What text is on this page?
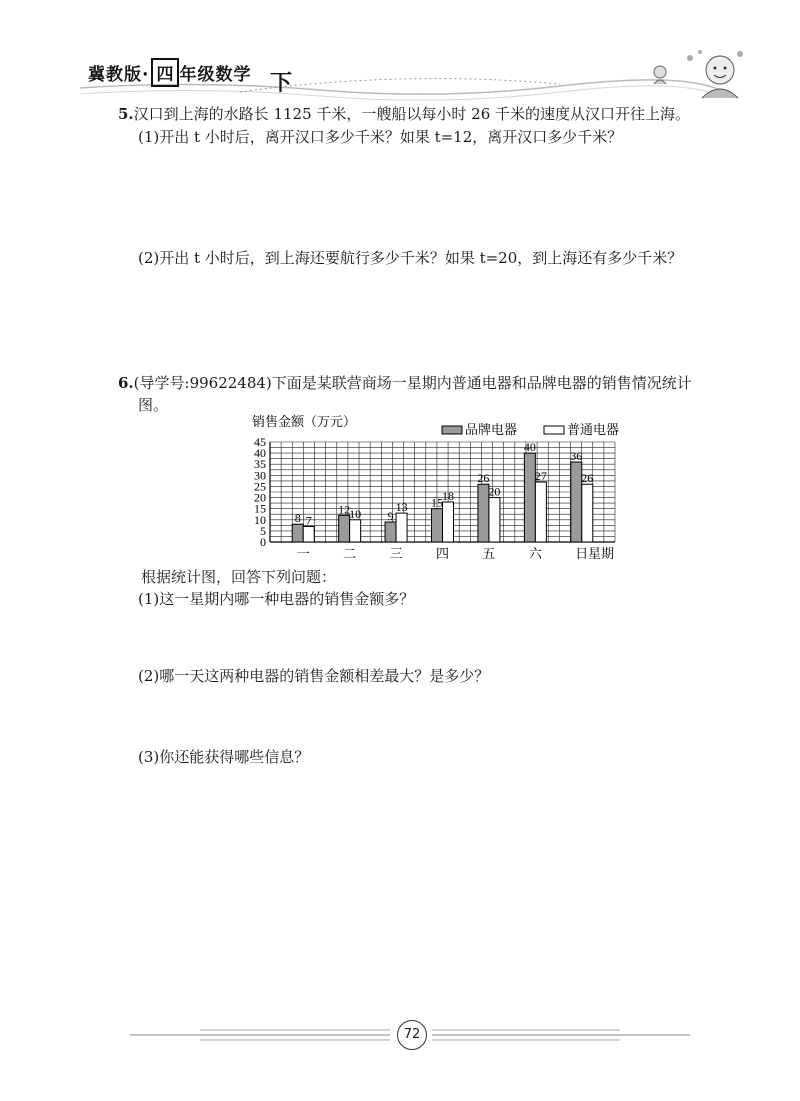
冀教版· 四 年级数学 下
5.汉口到上海的水路长 1125 千米，一艘船以每小时 26 千米的速度从汉口开往上海。
(1)开出 t 小时后，离开汉口多少千米？如果 t=12，离开汉口多少千米？
(2)开出 t 小时后，到上海还要航行多少千米？如果 t=20，到上海还有多少千米？
6.(导学号:99622484)下面是某联营商场一星期内普通电器和品牌电器的销售情况统计
图。
0
5
10
15
20
25
30
35
40
45
销售金额（万元）
品牌电器	普通电器
8 7
一
12 10
二
9
13
三
15 18
四
26
20
五
40
27
六
36
26
日 星期
根据统计图，回答下列问题：
(1)这一星期内哪一种电器的销售金额多？
(2)哪一天这两种电器的销售金额相差最大？是多少？
(3)你还能获得哪些信息？
72
